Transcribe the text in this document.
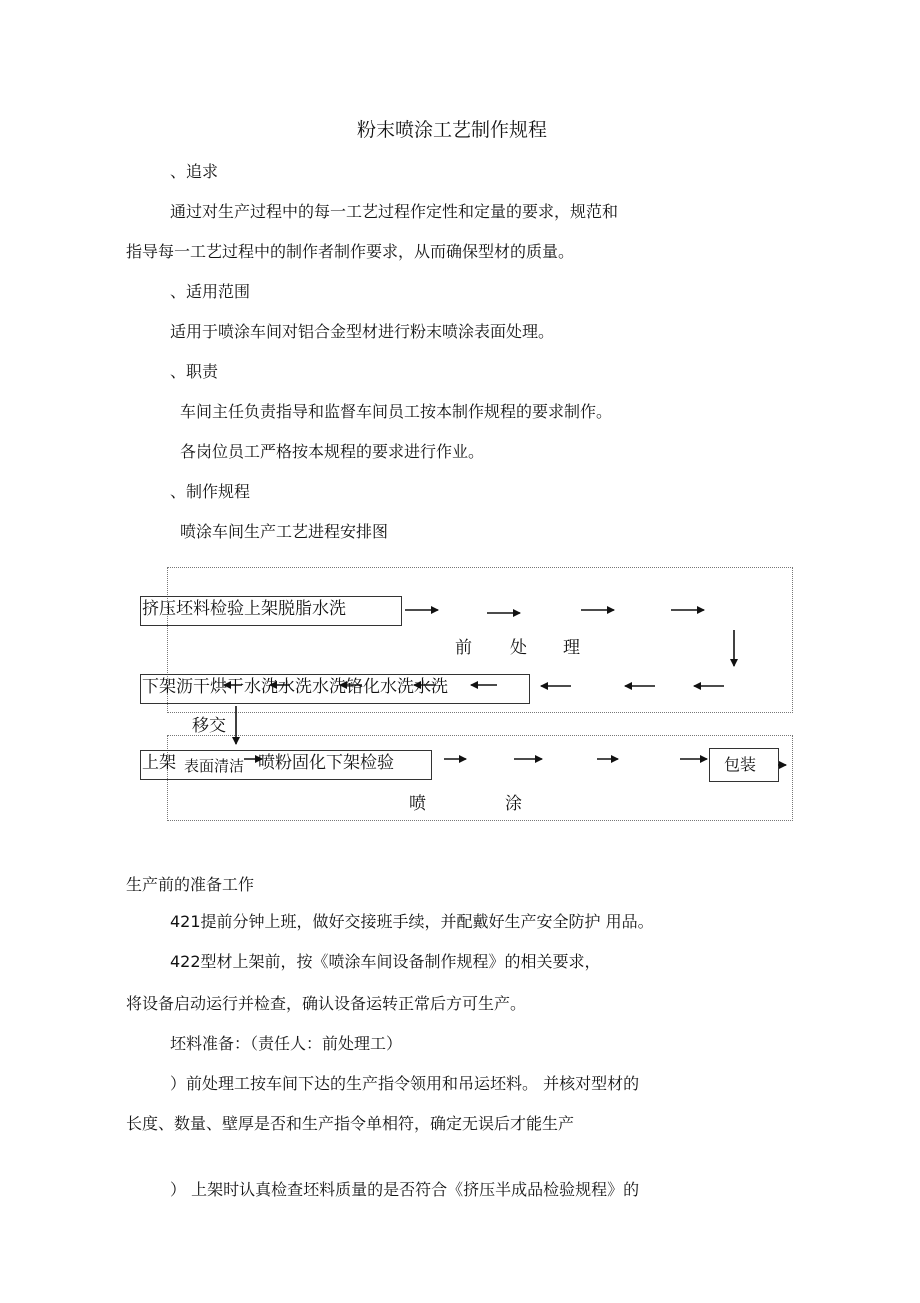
粉末喷涂工艺制作规程
、追求
通过对生产过程中的每一工艺过程作定性和定量的要求，规范和
指导每一工艺过程中的制作者制作要求，从而确保型材的质量。
、适用范围
适用于喷涂车间对铝合金型材进行粉末喷涂表面处理。
、职责
车间主任负责指导和监督车间员工按本制作规程的要求制作。
各岗位员工严格按本规程的要求进行作业。
、制作规程
喷涂车间生产工艺进程安排图
挤压坯料检验上架脱脂水洗
前 处 理
下架沥干烘干水洗水洗水洗铬化水洗水洗
移交
上架 表面清洁 喷粉固化下架检验	包装
喷	涂
生产前的准备工作
421提前分钟上班，做好交接班手续，并配戴好生产安全防护 用品。
422型材上架前，按《喷涂车间设备制作规程》的相关要求，
将设备启动运行并检查，确认设备运转正常后方可生产。
坯料准备：（责任人：前处理工）
）前处理工按车间下达的生产指令领用和吊运坯料。 并核对型材的
长度、数量、壁厚是否和生产指令单相符，确定无误后才能生产
） 上架时认真检查坯料质量的是否符合《挤压半成品检验规程》的
